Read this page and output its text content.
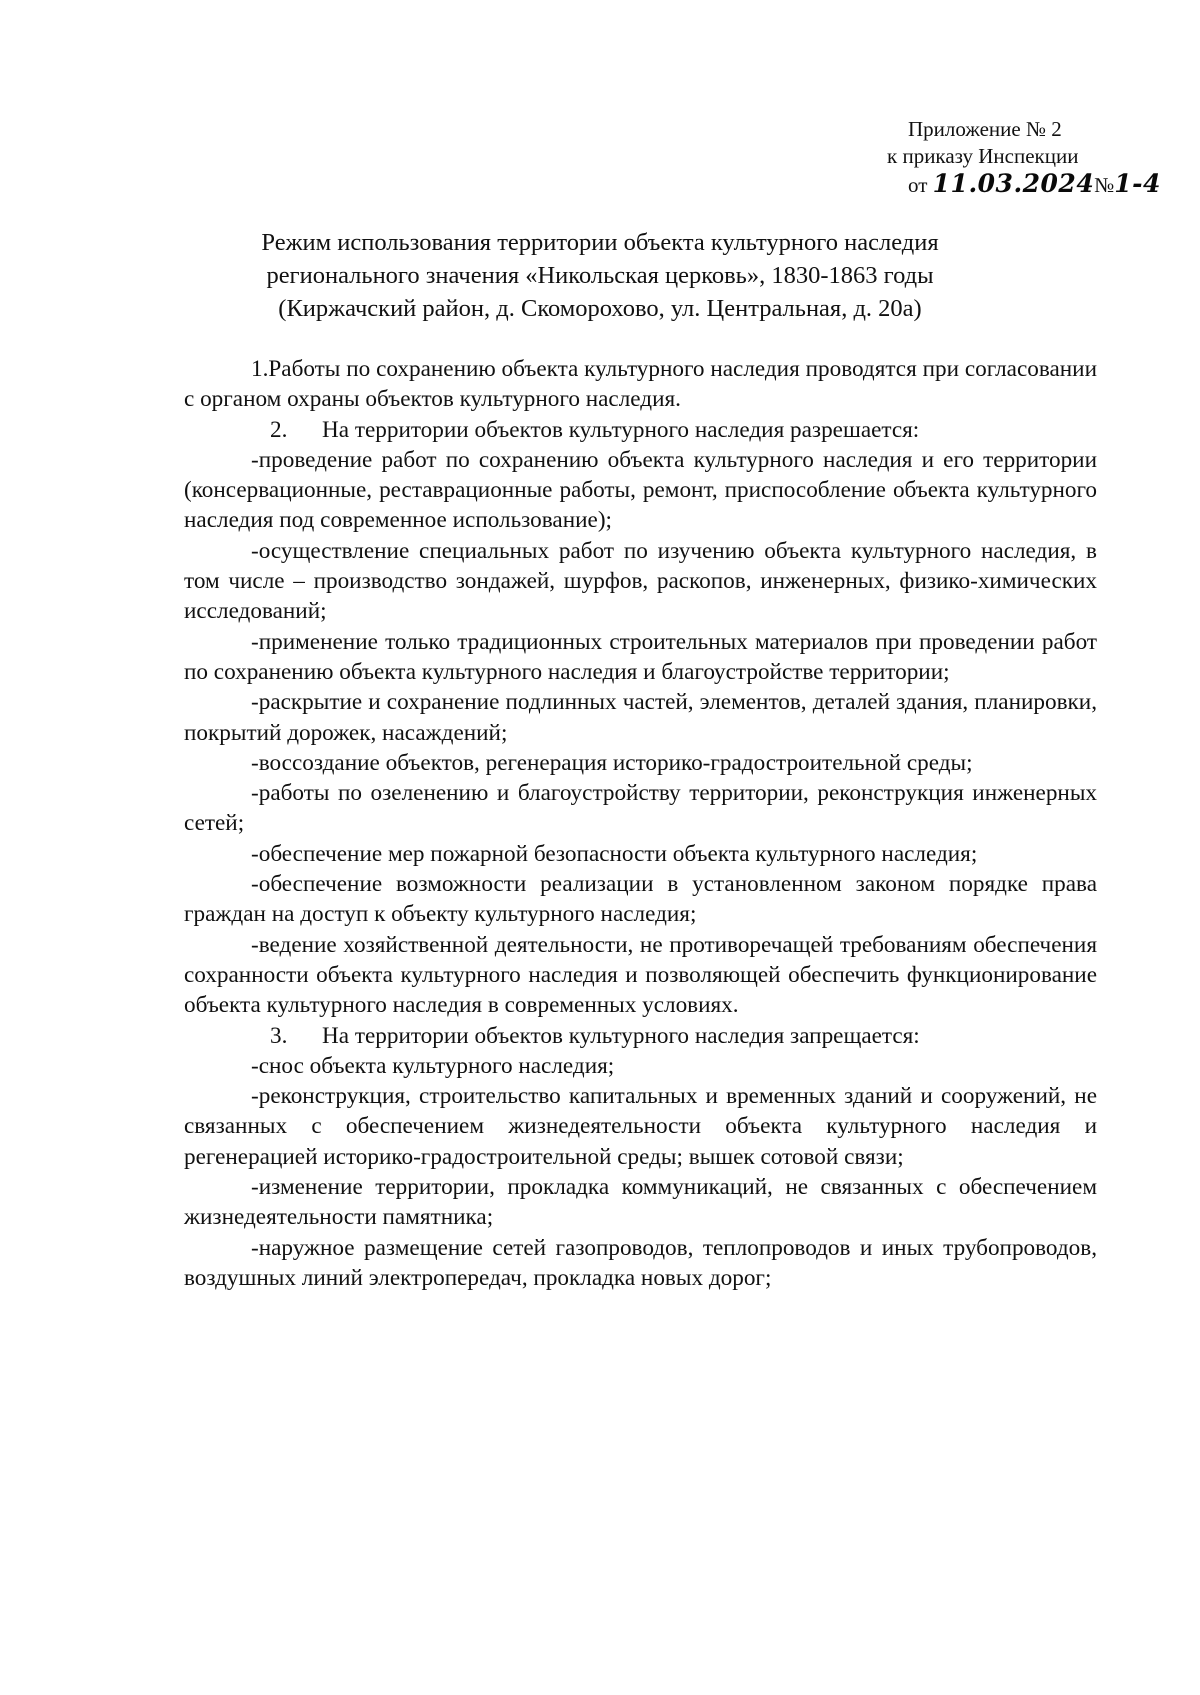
Приложение № 2
к приказу Инспекции
от 11.03.2024№1-4
Режим использования территории объекта культурного наследия
регионального значения «Никольская церковь», 1830-1863 годы
(Киржачский район, д. Скоморохово, ул. Центральная, д. 20а)

1.Работы по сохранению объекта культурного наследия проводятся при согласовании с органом охраны объектов культурного наследия.

2. На территории объектов культурного наследия разрешается:

-проведение работ по сохранению объекта культурного наследия и его территории (консервационные, реставрационные работы, ремонт, приспособление объекта культурного наследия под современное использование);

-осуществление специальных работ по изучению объекта культурного наследия, в том числе – производство зондажей, шурфов, раскопов, инженерных, физико-химических исследований;

-применение только традиционных строительных материалов при проведении работ по сохранению объекта культурного наследия и благоустройстве территории;

-раскрытие и сохранение подлинных частей, элементов, деталей здания, планировки, покрытий дорожек, насаждений;

-воссоздание объектов, регенерация историко-градостроительной среды;

-работы по озеленению и благоустройству территории, реконструкция инженерных сетей;

-обеспечение мер пожарной безопасности объекта культурного наследия;

-обеспечение возможности реализации в установленном законом порядке права граждан на доступ к объекту культурного наследия;

-ведение хозяйственной деятельности, не противоречащей требованиям обеспечения сохранности объекта культурного наследия и позволяющей обеспечить функционирование объекта культурного наследия в современных условиях.

3. На территории объектов культурного наследия запрещается:

-снос объекта культурного наследия;

-реконструкция, строительство капитальных и временных зданий и сооружений, не связанных с обеспечением жизнедеятельности объекта культурного наследия и регенерацией историко-градостроительной среды; вышек сотовой связи;

-изменение территории, прокладка коммуникаций, не связанных с обеспечением жизнедеятельности памятника;

-наружное размещение сетей газопроводов, теплопроводов и иных трубопроводов, воздушных линий электропередач, прокладка новых дорог;
